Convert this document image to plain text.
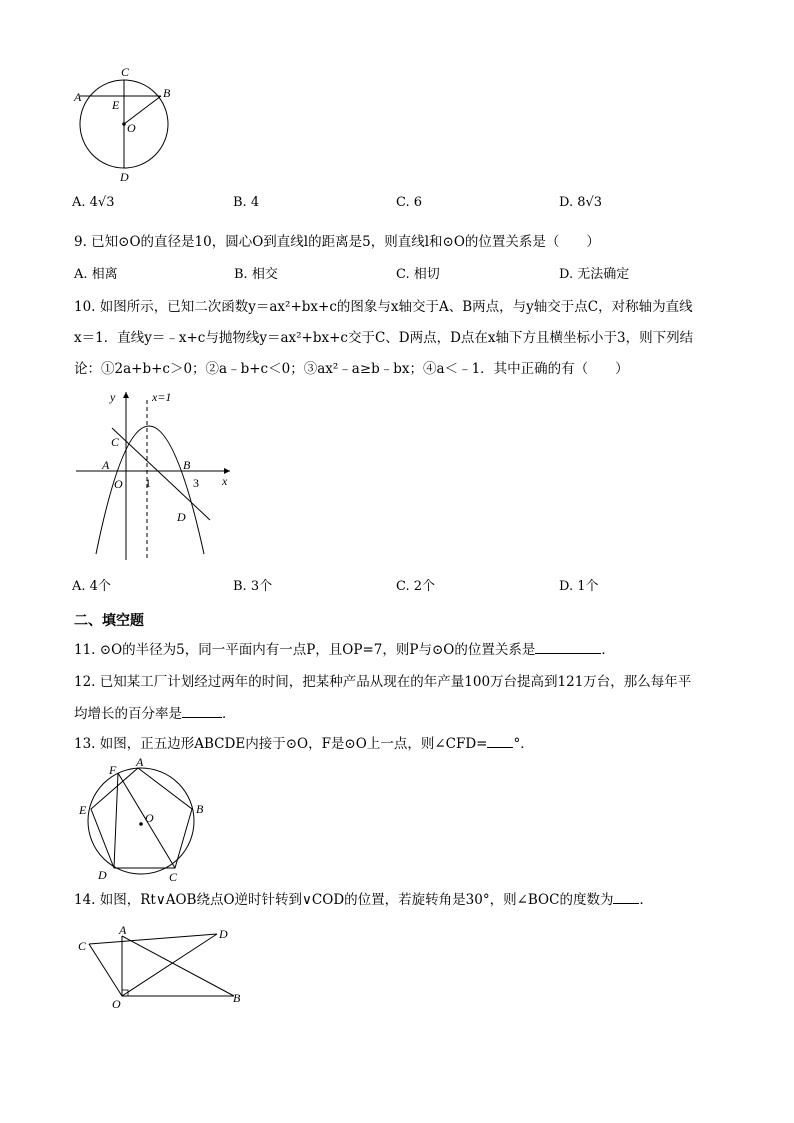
C
A	B
E
O
D
A. 4√3	B. 4	C. 6	D. 8√3
9. 已知⊙O的直径是10，圆心O到直线l的距离是5，则直线l和⊙O的位置关系是（　　）
A. 相离	B. 相交	C. 相切	D. 无法确定
10. 如图所示，已知二次函数y＝ax²+bx+c的图象与x轴交于A、B两点，与y轴交于点C，对称轴为直线
x＝1．直线y＝﹣x+c与抛物线y＝ax²+bx+c交于C、D两点，D点在x轴下方且横坐标小于3，则下列结
论：①2a+b+c＞0；②a﹣b+c＜0；③ax²﹣a≥b﹣bx；④a＜﹣1．其中正确的有（　　）
y	x=1
C
A	B
O 1	3 x
D
A. 4个	B. 3个	C. 2个	D. 1个
二、填空题
11. ⊙O的半径为5，同一平面内有一点P，且OP=7，则P与⊙O的位置关系是	．
12. 已知某工厂计划经过两年的时间，把某种产品从现在的年产量100万台提高到121万台，那么每年平
均增长的百分率是	．
13. 如图，正五边形ABCDE内接于⊙O，F是⊙O上一点，则∠CFD= °．
F
A
E
O
B
D	C
14. 如图，Rt∨AOB绕点O逆时针转到∨COD的位置，若旋转角是30°，则∠BOC的度数为 ．
A
C
D
O	B
